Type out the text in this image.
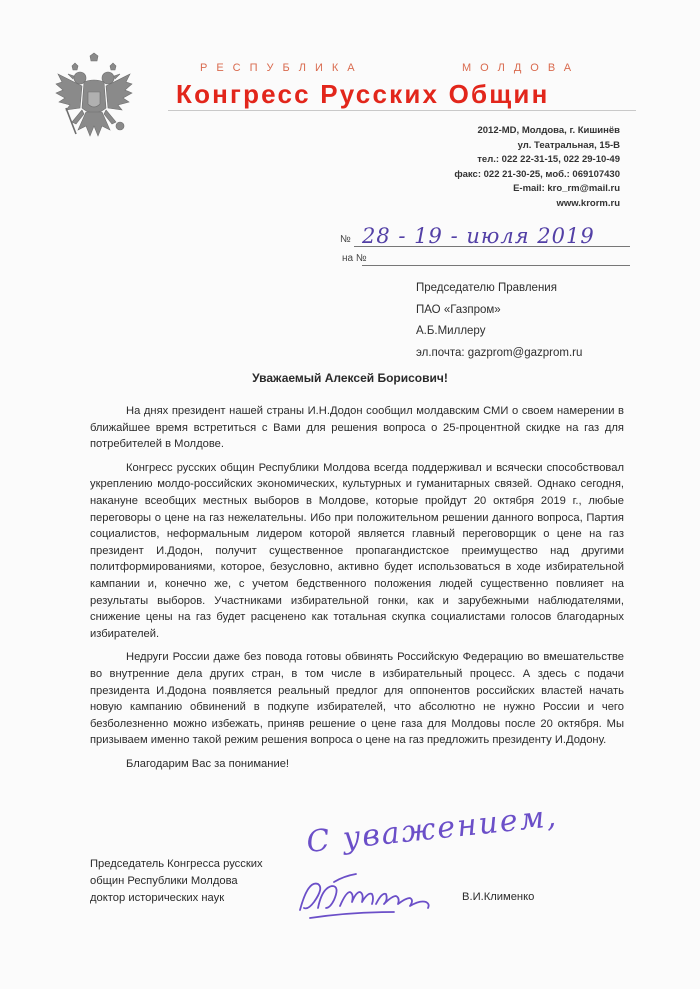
РЕСПУБЛИКА	МОЛДОВА
Конгресс Русских Общин
2012-MD, Молдова, г. Кишинёв
ул. Театральная, 15-В
тел.: 022 22-31-15, 022 29-10-49
факс: 022 21-30-25, моб.: 069107430
E-mail: kro_rm@mail.ru
www.krorm.ru
№ 28 - 19 - июля 2019
на №
Председателю Правления
ПАО «Газпром»
А.Б.Миллеру
эл.почта: gazprom@gazprom.ru
Уважаемый Алексей Борисович!

На днях президент нашей страны И.Н.Додон сообщил молдавским СМИ о своем намерении в ближайшее время встретиться с Вами для решения вопроса о 25-процентной скидке на газ для потребителей в Молдове.

Конгресс русских общин Республики Молдова всегда поддерживал и всячески способствовал укреплению молдо-российских экономических, культурных и гуманитарных связей. Однако сегодня, накануне всеобщих местных выборов в Молдове, которые пройдут 20 октября 2019 г., любые переговоры о цене на газ нежелательны. Ибо при положительном решении данного вопроса, Партия социалистов, неформальным лидером которой является главный переговорщик о цене на газ президент И.Додон, получит существенное пропагандистское преимущество над другими политформированиями, которое, безусловно, активно будет использоваться в ходе избирательной кампании и, конечно же, с учетом бедственного положения людей существенно повлияет на результаты выборов. Участниками избирательной гонки, как и зарубежными наблюдателями, снижение цены на газ будет расценено как тотальная скупка социалистами голосов благодарных избирателей.

Недруги России даже без повода готовы обвинять Российскую Федерацию во вмешательстве во внутренние дела других стран, в том числе в избирательный процесс. А здесь с подачи президента И.Додона появляется реальный предлог для оппонентов российских властей начать новую кампанию обвинений в подкупе избирателей, что абсолютно не нужно России и чего безболезненно можно избежать, приняв решение о цене газа для Молдовы после 20 октября. Мы призываем именно такой режим решения вопроса о цене на газ предложить президенту И.Додону.

Благодарим Вас за понимание!

С уважением,
Председатель Конгресса русских
общин Республики Молдова
доктор исторических наук	В.И.Клименко
